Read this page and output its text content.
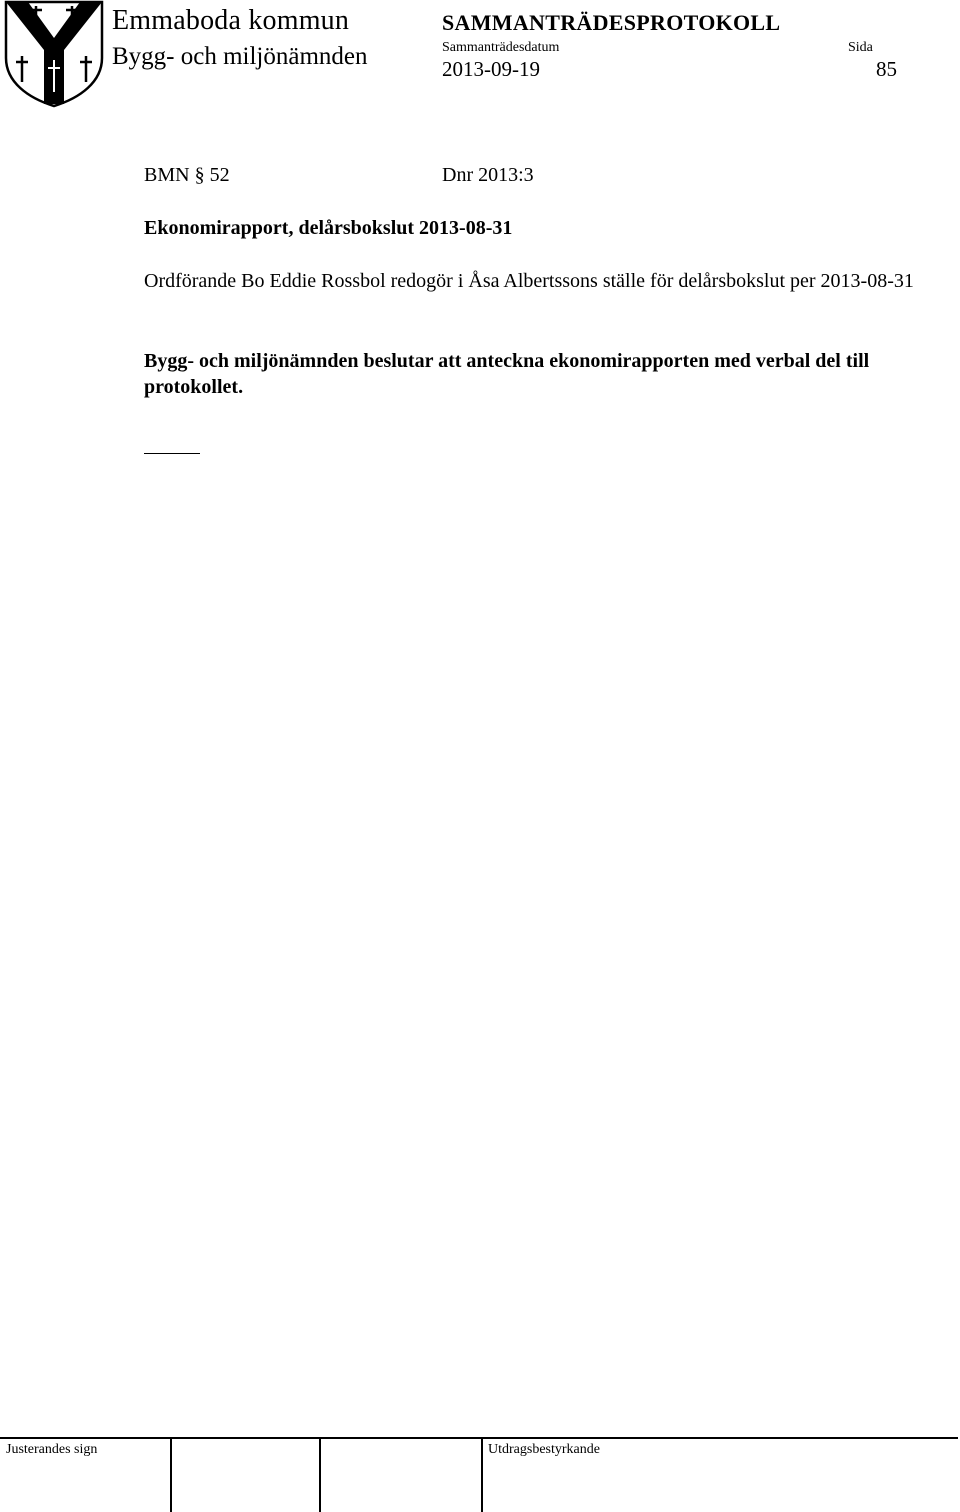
Emmaboda kommun
Bygg- och miljönämnden
SAMMANTRÄDESPROTOKOLL
Sammanträdesdatum	Sida
2013-09-19	85
BMN § 52	Dnr 2013:3
Ekonomirapport, delårsbokslut 2013-08-31

Ordförande Bo Eddie Rossbol redogör i Åsa Albertssons ställe för delårsbokslut per 2013-08-31

Bygg- och miljönämnden beslutar att anteckna ekonomirapporten med verbal del till protokollet.

Justerandes sign	Utdragsbestyrkande
